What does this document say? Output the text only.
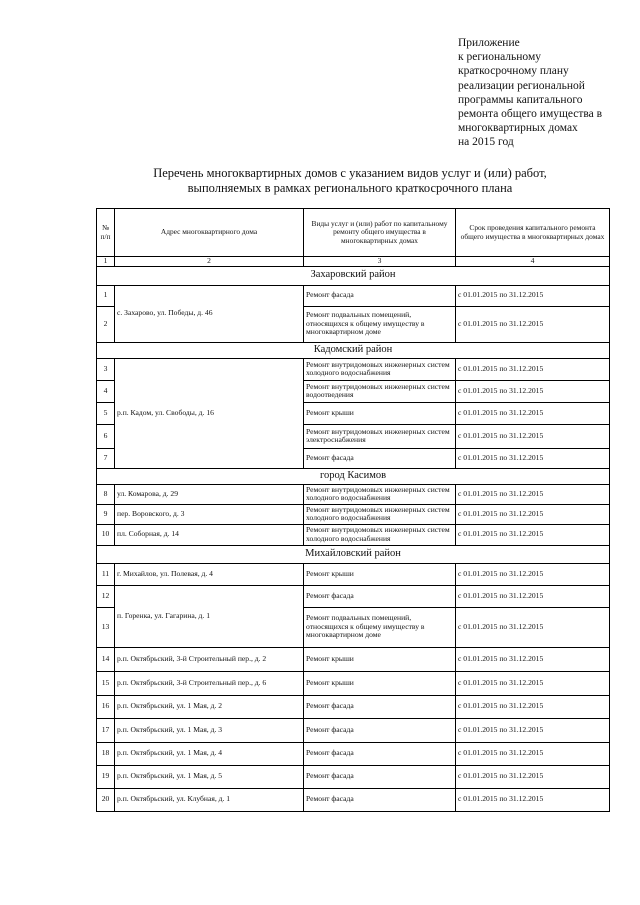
Приложение
к региональному
краткосрочному плану
реализации региональной
программы капитального
ремонта общего имущества в
многоквартирных домах
на 2015 год
Перечень многоквартирных домов с указанием видов услуг и (или) работ,
выполняемых в рамках регионального краткосрочного плана
№ п/п	Адрес многоквартирного дома	Виды услуг и (или) работ по капитальному ремонту общего имущества в многоквартирных домах	Срок проведения капитального ремонта общего имущества в многоквартирных домах
1	2	3	4
Захаровский район			
1	с. Захарово, ул. Победы, д. 46	Ремонт фасада	с 01.01.2015 по 31.12.2015
2		Ремонт подвальных помещений, относящихся к общему имуществу в многоквартирном доме	с 01.01.2015 по 31.12.2015
Кадомский район			
3	р.п. Кадом, ул. Свободы, д. 16	Ремонт внутридомовых инженерных систем холодного водоснабжения	с 01.01.2015 по 31.12.2015
4		Ремонт внутридомовых инженерных систем водоотведения	с 01.01.2015 по 31.12.2015
5		Ремонт крыши	с 01.01.2015 по 31.12.2015
6		Ремонт внутридомовых инженерных систем электроснабжения	с 01.01.2015 по 31.12.2015
7		Ремонт фасада	с 01.01.2015 по 31.12.2015
город Касимов			
8	ул. Комарова, д. 29	Ремонт внутридомовых инженерных систем холодного водоснабжения	с 01.01.2015 по 31.12.2015
9	пер. Воровского, д. 3	Ремонт внутридомовых инженерных систем холодного водоснабжения	с 01.01.2015 по 31.12.2015
10	пл. Соборная, д. 14	Ремонт внутридомовых инженерных систем холодного водоснабжения	с 01.01.2015 по 31.12.2015
Михайловский район			
11	г. Михайлов, ул. Полевая, д. 4	Ремонт крыши	с 01.01.2015 по 31.12.2015
12	п. Горенка, ул. Гагарина, д. 1	Ремонт фасада	с 01.01.2015 по 31.12.2015
13		Ремонт подвальных помещений, относящихся к общему имуществу в многоквартирном доме	с 01.01.2015 по 31.12.2015
14	р.п. Октябрьский, 3-й Строительный пер., д. 2	Ремонт крыши	с 01.01.2015 по 31.12.2015
15	р.п. Октябрьский, 3-й Строительный пер., д. 6	Ремонт крыши	с 01.01.2015 по 31.12.2015
16	р.п. Октябрьский, ул. 1 Мая, д. 2	Ремонт фасада	с 01.01.2015 по 31.12.2015
17	р.п. Октябрьский, ул. 1 Мая, д. 3	Ремонт фасада	с 01.01.2015 по 31.12.2015
18	р.п. Октябрьский, ул. 1 Мая, д. 4	Ремонт фасада	с 01.01.2015 по 31.12.2015
19	р.п. Октябрьский, ул. 1 Мая, д. 5	Ремонт фасада	с 01.01.2015 по 31.12.2015
20	р.п. Октябрьский, ул. Клубная, д. 1	Ремонт фасада	с 01.01.2015 по 31.12.2015
